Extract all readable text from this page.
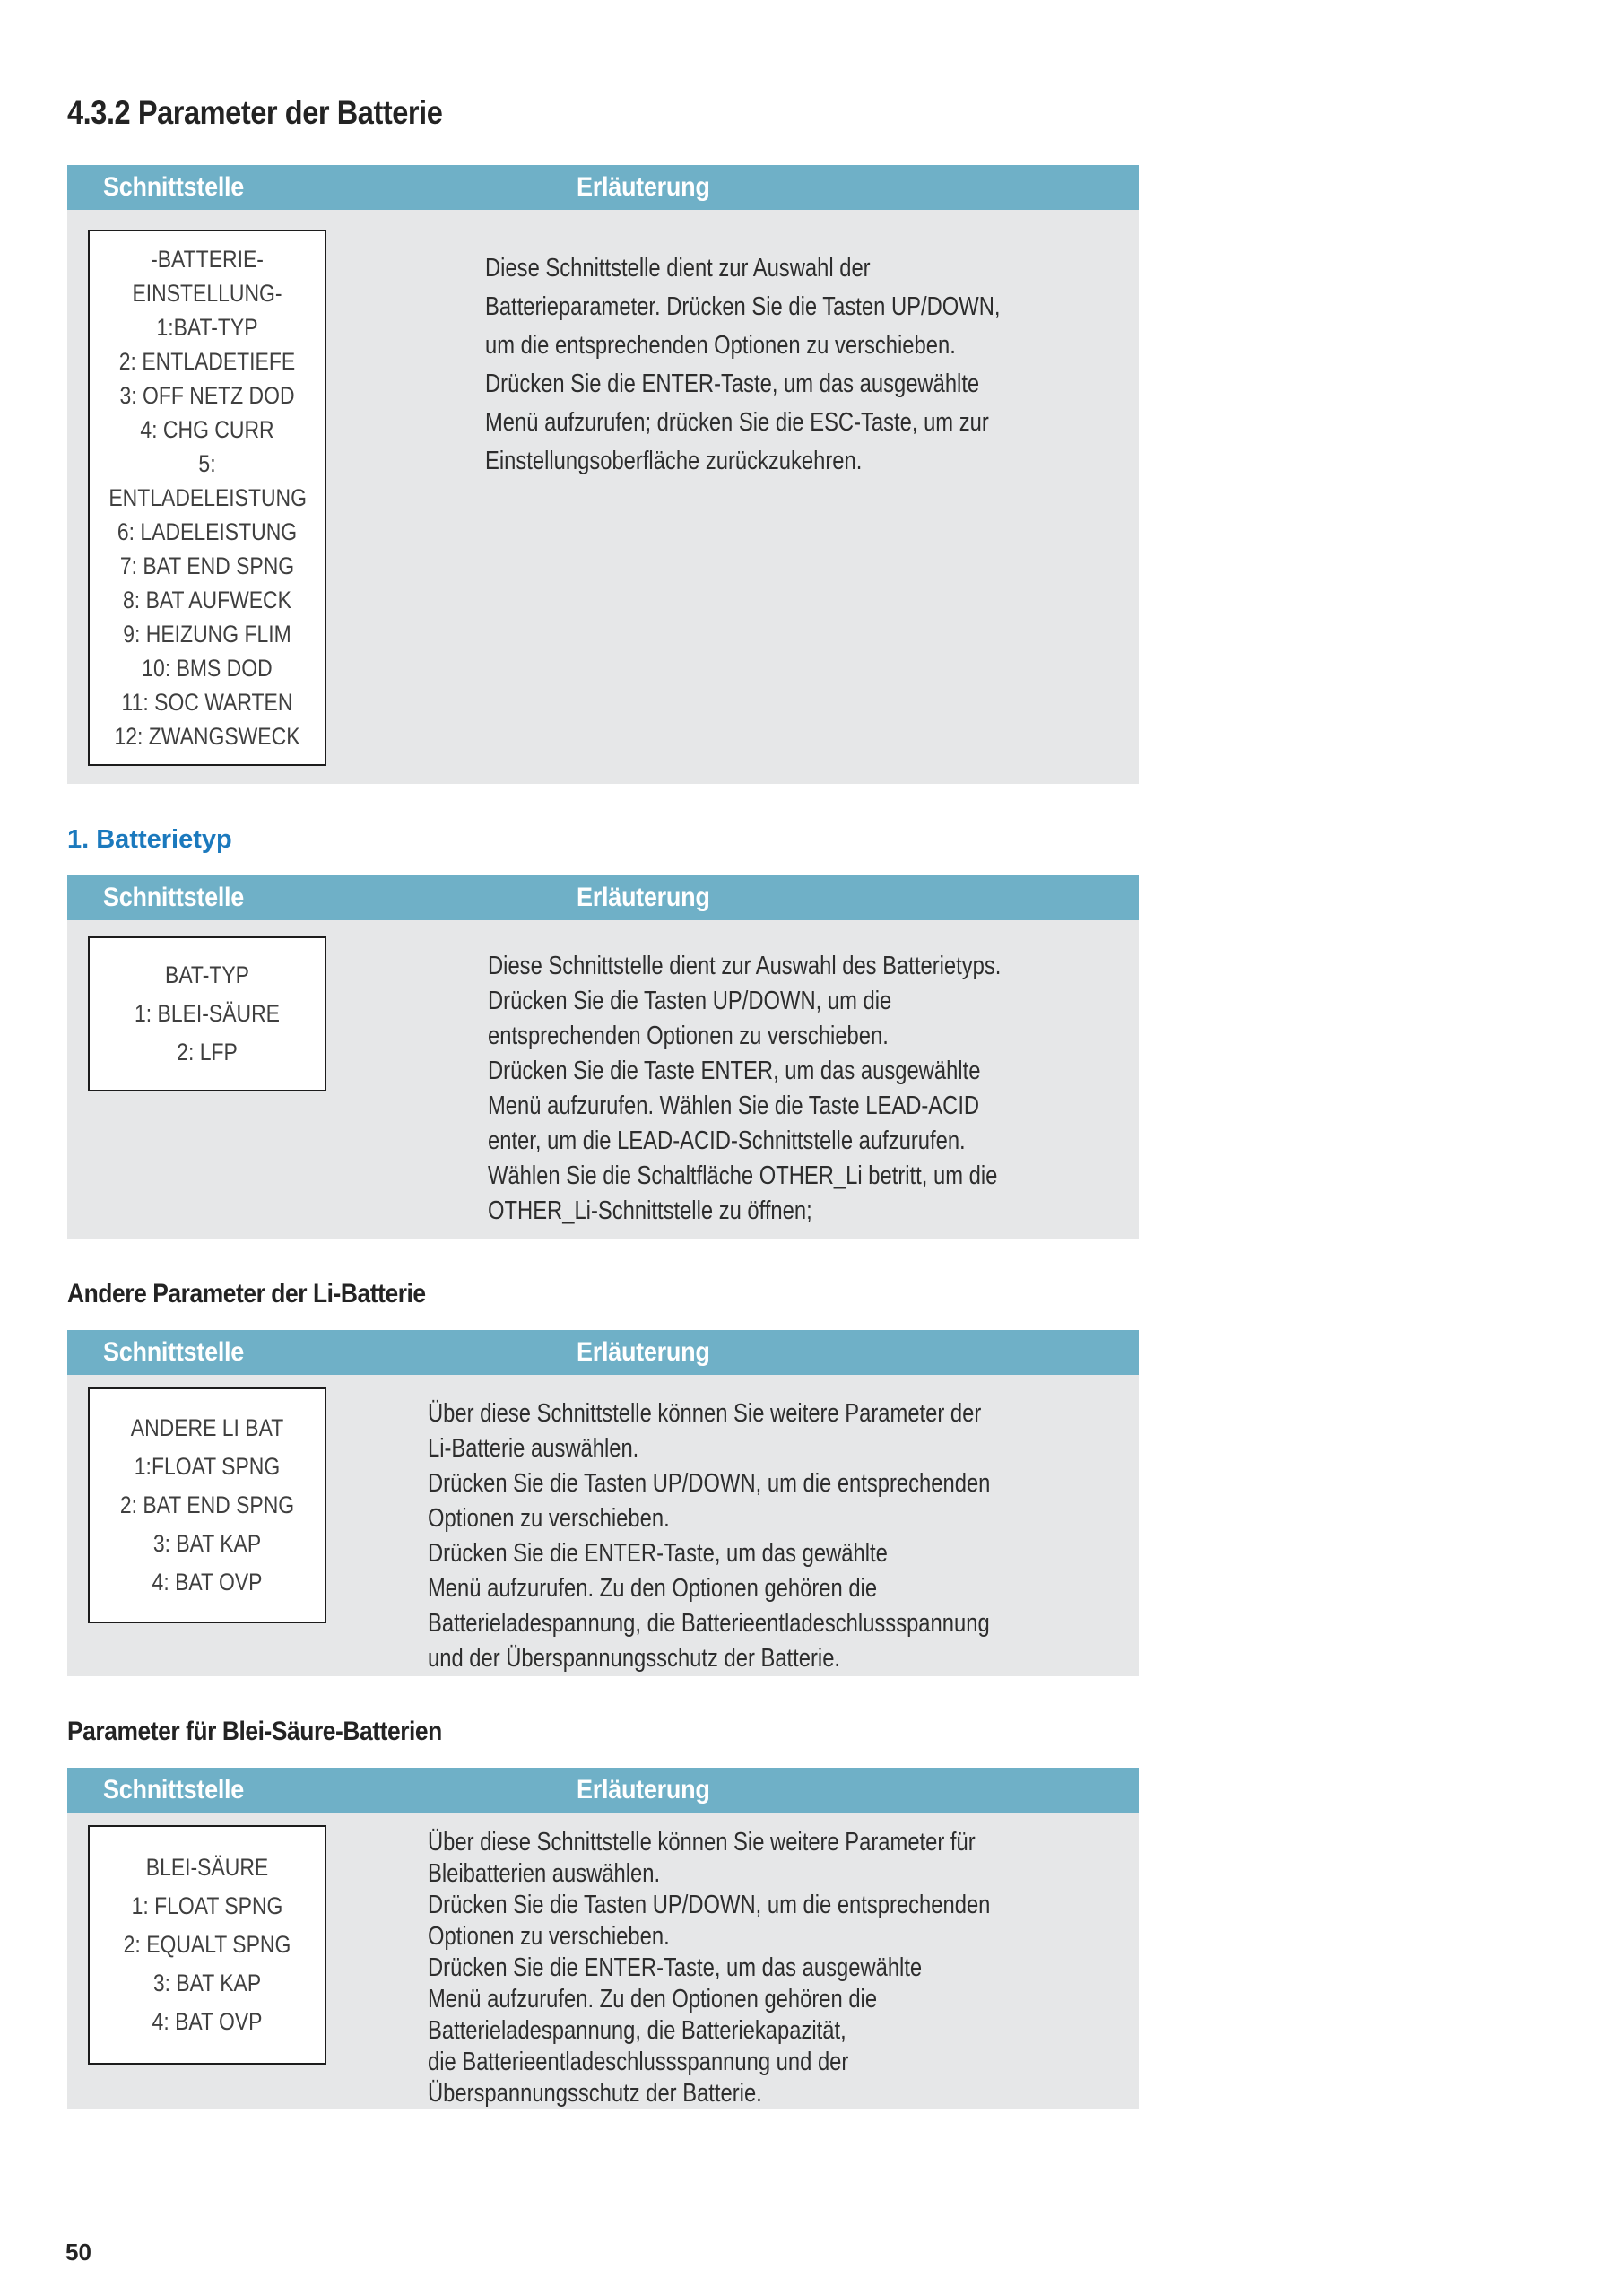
4.3.2 Parameter der Batterie
Schnittstelle	Erläuterung
-BATTERIE-EINSTELLUNG-
1:BAT-TYP
2: ENTLADETIEFE
3: OFF NETZ DOD
4: CHG CURR
5: ENTLADELEISTUNG
6: LADELEISTUNG
7: BAT END SPNG
8: BAT AUFWECK
9: HEIZUNG FLIM
10: BMS DOD
11: SOC WARTEN
12: ZWANGSWECK
Diese Schnittstelle dient zur Auswahl der
Batterieparameter. Drücken Sie die Tasten UP/DOWN,
um die entsprechenden Optionen zu verschieben.
Drücken Sie die ENTER-Taste, um das ausgewählte
Menü aufzurufen; drücken Sie die ESC-Taste, um zur
Einstellungsoberfläche zurückzukehren.
1. Batterietyp
Schnittstelle	Erläuterung
BAT-TYP
1: BLEI-SÄURE
2: LFP
Diese Schnittstelle dient zur Auswahl des Batterietyps.
Drücken Sie die Tasten UP/DOWN, um die
entsprechenden Optionen zu verschieben.
Drücken Sie die Taste ENTER, um das ausgewählte
Menü aufzurufen. Wählen Sie die Taste LEAD-ACID
enter, um die LEAD-ACID-Schnittstelle aufzurufen.
Wählen Sie die Schaltfläche OTHER_Li betritt, um die
OTHER_Li-Schnittstelle zu öffnen;
Andere Parameter der Li-Batterie
Schnittstelle	Erläuterung
ANDERE LI BAT
1:FLOAT SPNG
2: BAT END SPNG
3: BAT KAP
4: BAT OVP
Über diese Schnittstelle können Sie weitere Parameter der
Li-Batterie auswählen.
Drücken Sie die Tasten UP/DOWN, um die entsprechenden
Optionen zu verschieben.
Drücken Sie die ENTER-Taste, um das gewählte
Menü aufzurufen. Zu den Optionen gehören die
Batterieladespannung, die Batterieentladeschlussspannung
und der Überspannungsschutz der Batterie.
Parameter für Blei-Säure-Batterien
Schnittstelle	Erläuterung
BLEI-SÄURE
1: FLOAT SPNG
2: EQUALT SPNG
3: BAT KAP
4: BAT OVP
Über diese Schnittstelle können Sie weitere Parameter für
Bleibatterien auswählen.
Drücken Sie die Tasten UP/DOWN, um die entsprechenden
Optionen zu verschieben.
Drücken Sie die ENTER-Taste, um das ausgewählte
Menü aufzurufen. Zu den Optionen gehören die
Batterieladespannung, die Batteriekapazität,
die Batterieentladeschlussspannung und der
Überspannungsschutz der Batterie.
50
